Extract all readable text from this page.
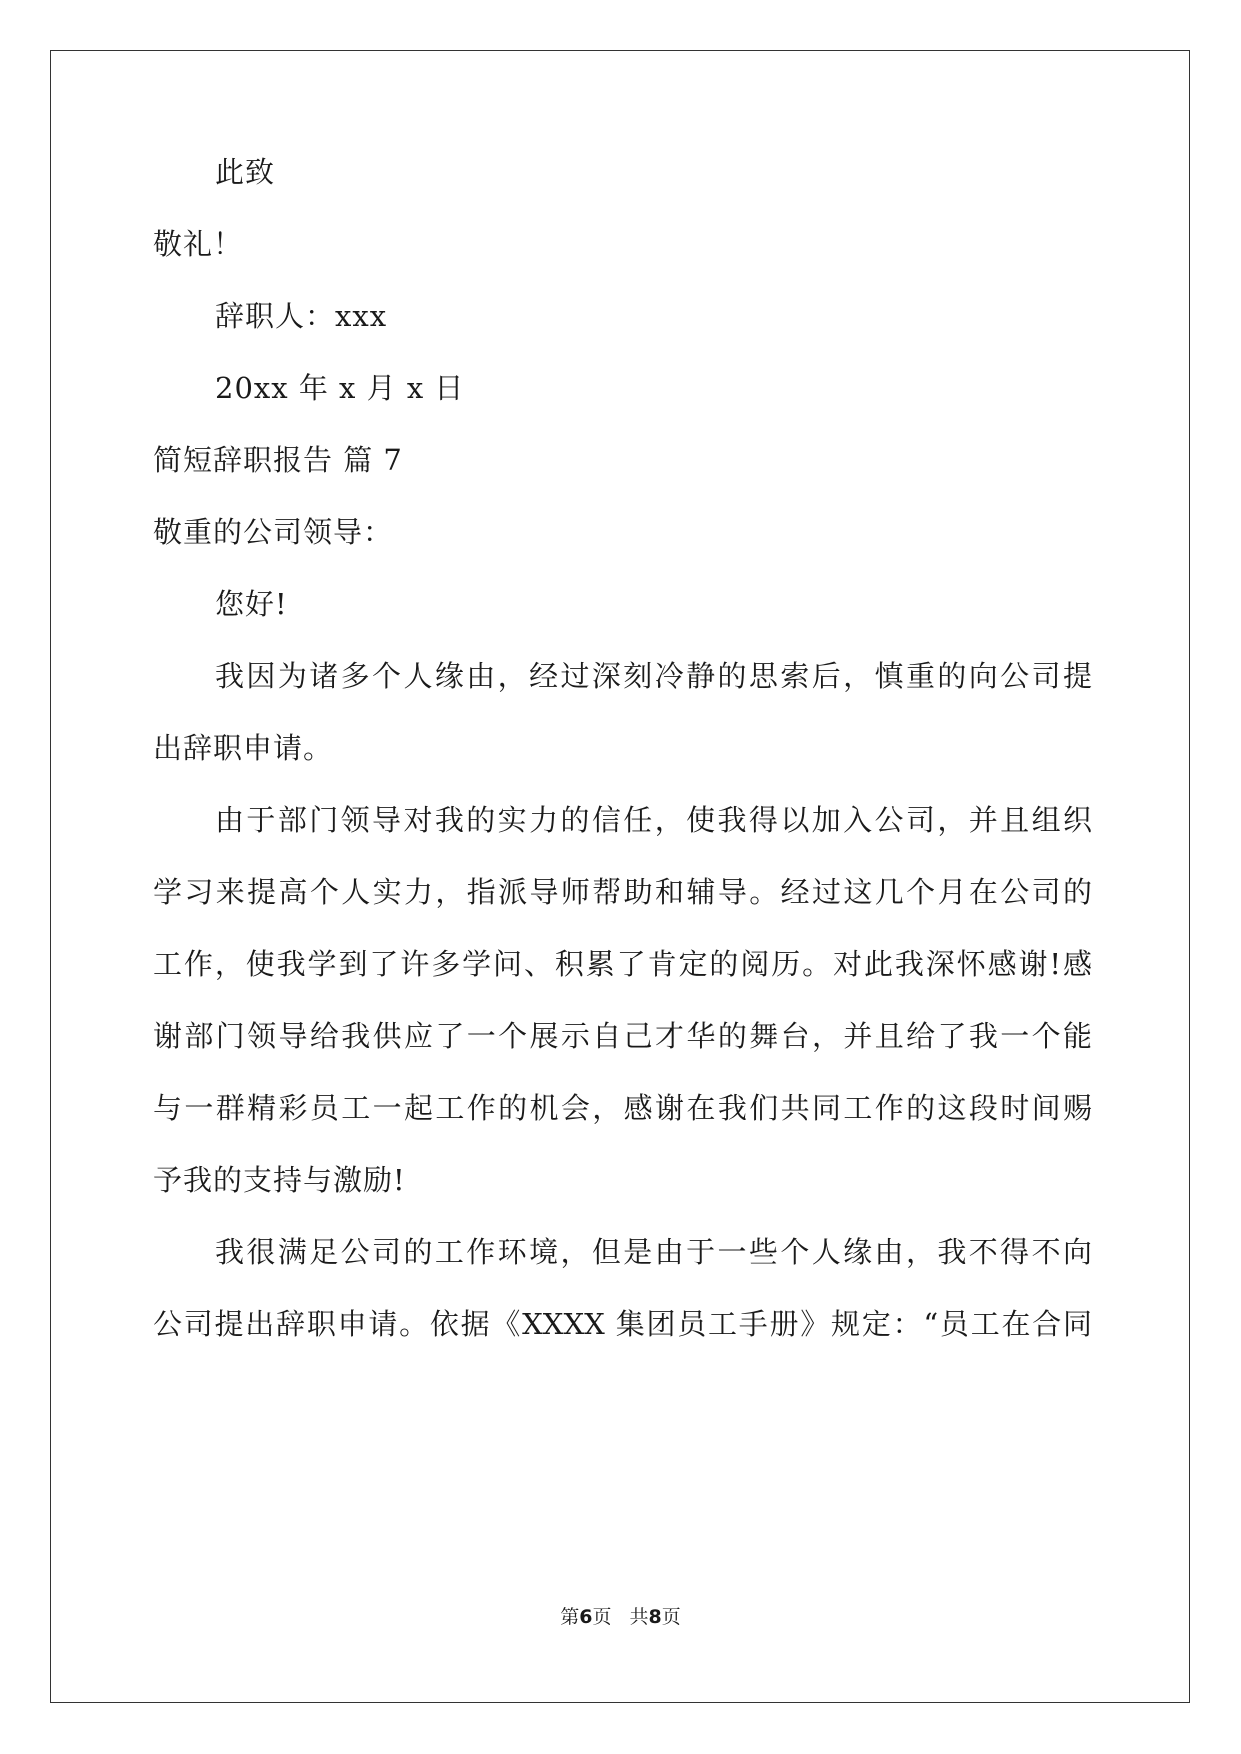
此致
敬礼！
辞职人：xxx
20xx 年 x 月 x 日
简短辞职报告 篇 7
敬重的公司领导：
您好!
我因为诸多个人缘由，经过深刻冷静的思索后，慎重的向公司提
出辞职申请。
由于部门领导对我的实力的信任，使我得以加入公司，并且组织
学习来提高个人实力，指派导师帮助和辅导。经过这几个月在公司的
工作，使我学到了许多学问、积累了肯定的阅历。对此我深怀感谢!感
谢部门领导给我供应了一个展示自己才华的舞台，并且给了我一个能
与一群精彩员工一起工作的机会，感谢在我们共同工作的这段时间赐
予我的支持与激励!
我很满足公司的工作环境，但是由于一些个人缘由，我不得不向
公司提出辞职申请。依据《XXXX 集团员工手册》规定：“员工在合同
第6页 共8页
